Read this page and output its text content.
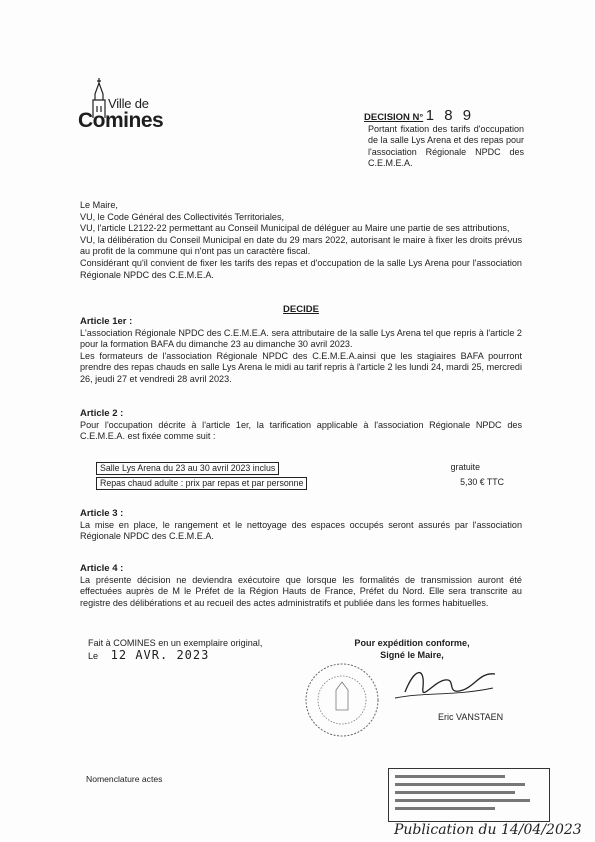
Ville de
Comines	DECISION N° 1 8 9
Portant fixation des tarifs d'occupation de la salle Lys Arena et des repas pour l'association Régionale NPDC des C.E.M.E.A.
Le Maire,
VU, le Code Général des Collectivités Territoriales,
VU, l'article L2122-22 permettant au Conseil Municipal de déléguer au Maire une partie de ses attributions,
VU, la délibération du Conseil Municipal en date du 29 mars 2022, autorisant le maire à fixer les droits prévus au profit de la commune qui n'ont pas un caractère fiscal.
Considérant qu'il convient de fixer les tarifs des repas et d'occupation de la salle Lys Arena pour l'association Régionale NPDC des C.E.M.E.A.
DECIDE
Article 1er :
L'association Régionale NPDC des C.E.M.E.A. sera attributaire de la salle Lys Arena tel que repris à l'article 2 pour la formation BAFA du dimanche 23 au dimanche 30 avril 2023.
Les formateurs de l'association Régionale NPDC des C.E.M.E.A.ainsi que les stagiaires BAFA pourront prendre des repas chauds en salle Lys Arena le midi au tarif repris à l'article 2 les lundi 24, mardi 25, mercredi 26, jeudi 27 et vendredi 28 avril 2023.
Article 2 :
Pour l'occupation décrite à l'article 1er, la tarification applicable à l'association Régionale NPDC des C.E.M.E.A. est fixée comme suit :
Salle Lys Arena du 23 au 30 avril 2023 inclus	gratuite
Repas chaud adulte : prix par repas et par personne	5,30 € TTC
Article 3 :
La mise en place, le rangement et le nettoyage des espaces occupés seront assurés par l'association Régionale NPDC des C.E.M.E.A.
Article 4 :
La présente décision ne deviendra exécutoire que lorsque les formalités de transmission auront été effectuées auprès de M le Préfet de la Région Hauts de France, Préfet du Nord. Elle sera transcrite au registre des délibérations et au recueil des actes administratifs et publiée dans les formes habituelles.
Fait à COMINES en un exemplaire original,
Le 12 AVR. 2023
Pour expédition conforme,
Signé le Maire,
Eric VANSTAEN
Nomenclature actes
Publication du 14/04/2023
